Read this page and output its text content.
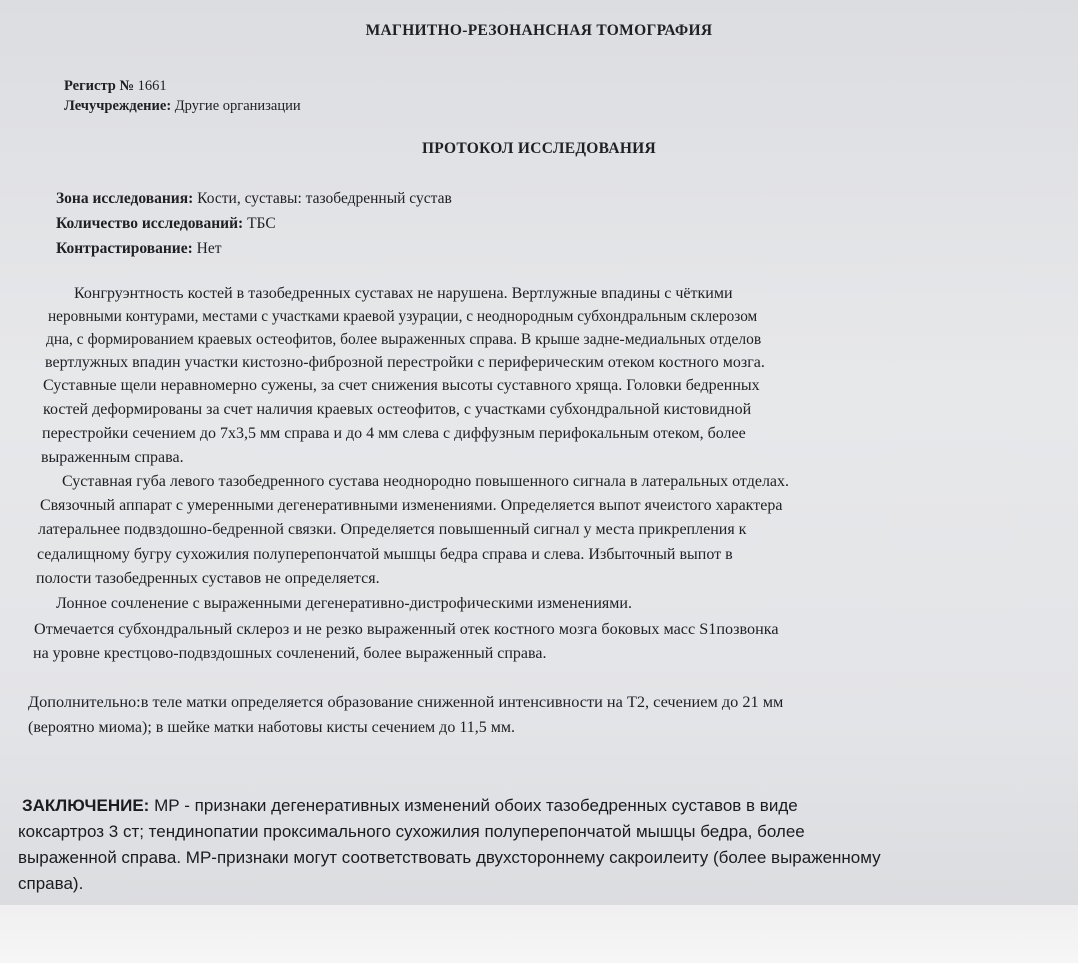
МАГНИТНО-РЕЗОНАНСНАЯ ТОМОГРАФИЯ
Регистр № 1661
Лечучреждение: Другие организации
ПРОТОКОЛ ИССЛЕДОВАНИЯ
Зона исследования: Кости, суставы: тазобедренный сустав
Количество исследований: ТБС
Контрастирование: Нет
Конгруэнтность костей в тазобедренных суставах не нарушена. Вертлужные впадины с чёткими
неровными контурами, местами с участками краевой узурации, с неоднородным субхондральным склерозом
дна, с формированием краевых остеофитов, более выраженных справа. В крыше задне-медиальных отделов
вертлужных впадин участки кистозно-фиброзной перестройки с периферическим отеком костного мозга.
Суставные щели неравномерно сужены, за счет снижения высоты суставного хряща. Головки бедренных
костей деформированы за счет наличия краевых остеофитов, с участками субхондральной кистовидной
перестройки сечением до 7х3,5 мм справа и до 4 мм слева с диффузным перифокальным отеком, более
выраженным справа.
Суставная губа левого тазобедренного сустава неоднородно повышенного сигнала в латеральных отделах.
Связочный аппарат с умеренными дегенеративными изменениями. Определяется выпот ячеистого характера
латеральнее подвздошно-бедренной связки. Определяется повышенный сигнал у места прикрепления к
седалищному бугру сухожилия полуперепончатой мышцы бедра справа и слева. Избыточный выпот в
полости тазобедренных суставов не определяется.
Лонное сочленение с выраженными дегенеративно-дистрофическими изменениями.
Отмечается субхондральный склероз и не резко выраженный отек костного мозга боковых масс S1позвонка
на уровне крестцово-подвздошных сочленений, более выраженный справа.
Дополнительно:в теле матки определяется образование сниженной интенсивности на Т2, сечением до 21 мм
(вероятно миома); в шейке матки наботовы кисты сечением до 11,5 мм.
ЗАКЛЮЧЕНИЕ: МР - признаки дегенеративных изменений обоих тазобедренных суставов в виде
коксартроз 3 ст; тендинопатии проксимального сухожилия полуперепончатой мышцы бедра, более
выраженной справа. МР-признаки могут соответствовать двухстороннему сакроилеиту (более выраженному
справа).
